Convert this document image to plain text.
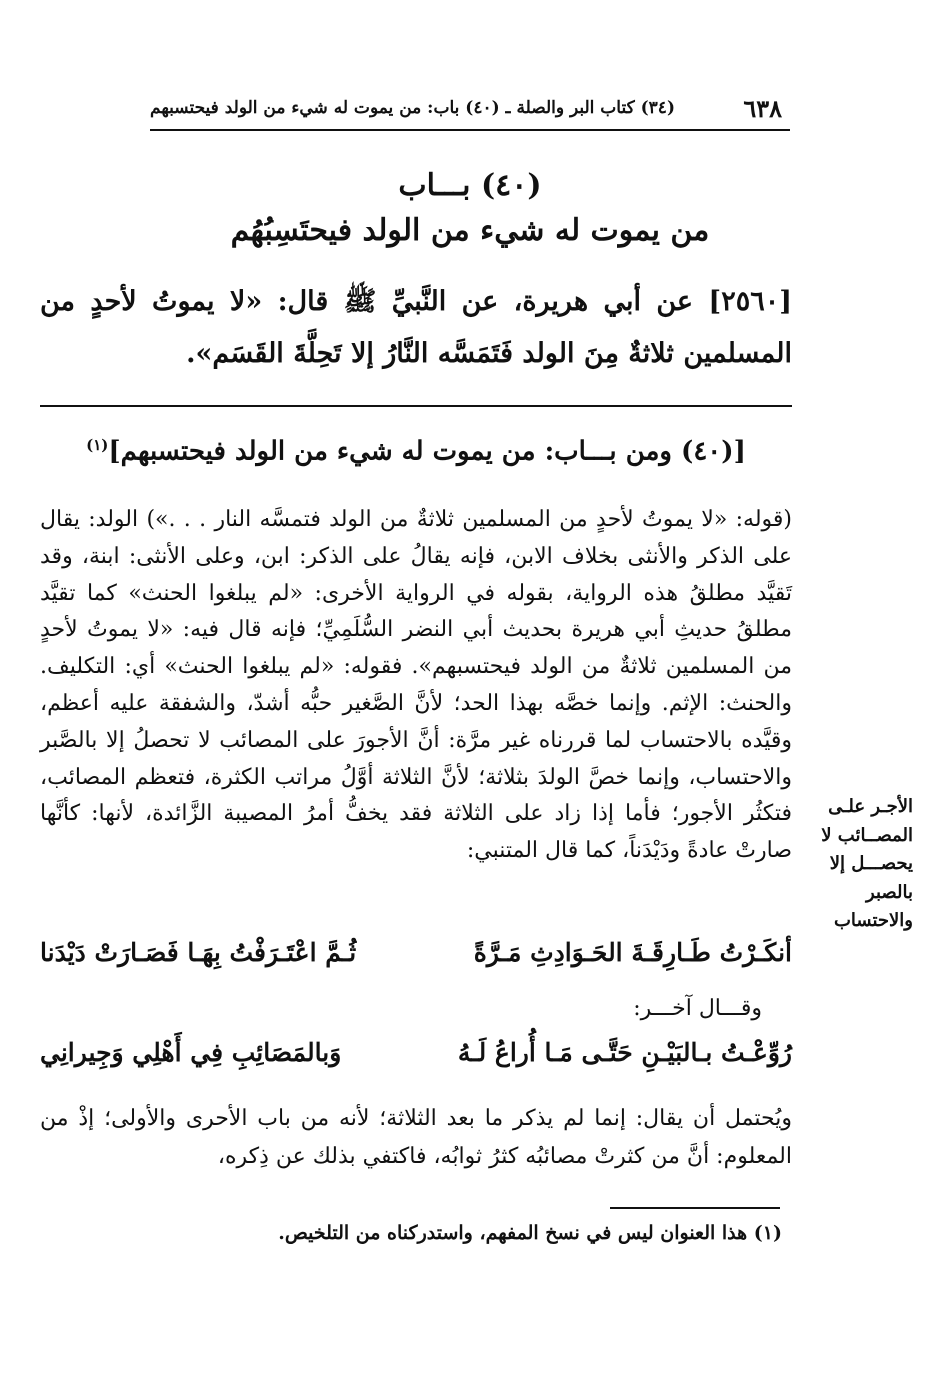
٦٣٨
(٣٤) كتاب البر والصلة ـ (٤٠) باب: من يموت له شيء من الولد فيحتسبهم
(٤٠) بـــاب
من يموت له شيء من الولد فيحتَسِبُهُم
[٢٥٦٠] عن أبي هريرة، عن النَّبيِّ ﷺ قال: «لا يموتُ لأحدٍ من المسلمين ثلاثةٌ مِنَ الولد فَتَمَسَّه النَّارُ إلا تَحِلَّةَ القَسَم».
[(٤٠) ومن بـــاب: من يموت له شيء من الولد فيحتسبهم]$^{(١)}$
(قوله: «لا يموتُ لأحدٍ من المسلمين ثلاثةٌ من الولد فتمسَّه النار . . .») الولد: يقال على الذكر والأنثى بخلاف الابن، فإنه يقالُ على الذكر: ابن، وعلى الأنثى: ابنة، وقد تَقيَّد مطلقُ هذه الرواية، بقوله في الرواية الأخرى: «لم يبلغوا الحنث» كما تقيَّد مطلقُ حديثِ أبي هريرة بحديث أبي النضر السُّلَمِيِّ؛ فإنه قال فيه: «لا يموتُ لأحدٍ من المسلمين ثلاثةٌ من الولد فيحتسبهم». فقوله: «لم يبلغوا الحنث» أي: التكليف. والحنث: الإثم. وإنما خصَّه بهذا الحد؛ لأنَّ الصَّغير حبُّه أشدّ، والشفقة عليه أعظم، وقيَّده بالاحتساب لما قررناه غير مرَّة: أنَّ الأجورَ على المصائب لا تحصلُ إلا بالصَّبر والاحتساب، وإنما خصَّ الولدَ بثلاثة؛ لأنَّ الثلاثة أوَّلُ مراتب الكثرة، فتعظم المصائب، فتكثُر الأجور؛ فأما إذا زاد على الثلاثة فقد يخفُّ أمرُ المصيبة الزَّائدة، لأنها: كأنَّها صارتْ عادةً ودَيْدَناً، كما قال المتنبي:
الأجـر علـى
المصــائب لا
يحصـــل إلا
بالصبر
والاحتساب
أنكَـرْتُ طَـارِقَـةَ الحَـوَادِثِ مَـرَّةً
ثُـمَّ اعْتَـرَفْتُ بِهَـا فَصَـارَتْ دَيْدَنا
وقـــال آخـــر:
رُوِّعْـتُ بـالبَيْـنِ حَتَّـى مَـا أُراعُ لَـهُ
وَبالمَصَائِبِ فِي أَهْلِي وَجِيرانِي
ويُحتمل أن يقال: إنما لم يذكر ما بعد الثلاثة؛ لأنه من باب الأحرى والأولى؛ إذْ من المعلوم: أنَّ من كثرتْ مصائبُه كثرُ ثوابُه، فاكتفي بذلك عن ذِكره،
(١) هذا العنوان ليس في نسخ المفهم، واستدركناه من التلخيص.
